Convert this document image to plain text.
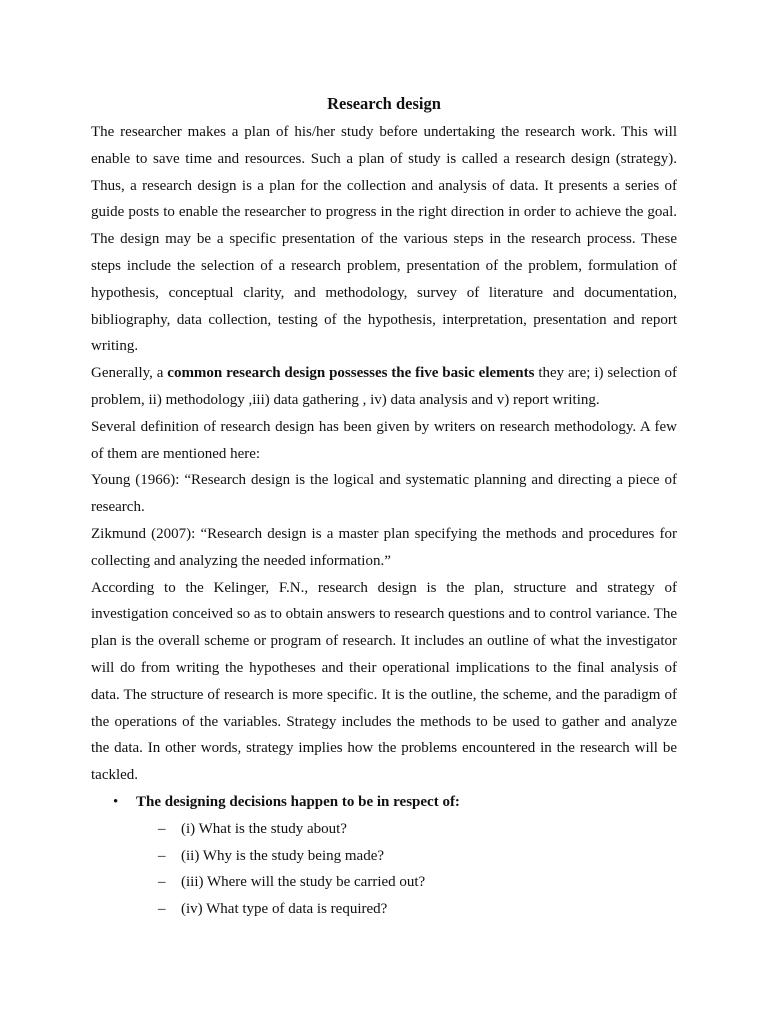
Research design

The researcher makes a plan of his/her study before undertaking the research work. This will enable to save time and resources. Such a plan of study is called a research design (strategy). Thus, a research design is a plan for the collection and analysis of data. It presents a series of guide posts to enable the researcher to progress in the right direction in order to achieve the goal. The design may be a specific presentation of the various steps in the research process. These steps include the selection of a research problem, presentation of the problem, formulation of hypothesis, conceptual clarity, and methodology, survey of literature and documentation, bibliography, data collection, testing of the hypothesis, interpretation, presentation and report writing.

Generally, a common research design possesses the five basic elements they are; i) selection of problem, ii) methodology ,iii) data gathering , iv) data analysis and v) report writing.

Several definition of research design has been given by writers on research methodology. A few of them are mentioned here:

Young (1966): “Research design is the logical and systematic planning and directing a piece of research.

Zikmund (2007): “Research design is a master plan specifying the methods and procedures for collecting and analyzing the needed information.”

According to the Kelinger, F.N., research design is the plan, structure and strategy of investigation conceived so as to obtain answers to research questions and to control variance. The plan is the overall scheme or program of research. It includes an outline of what the investigator will do from writing the hypotheses and their operational implications to the final analysis of data. The structure of research is more specific. It is the outline, the scheme, and the paradigm of the operations of the variables. Strategy includes the methods to be used to gather and analyze the data. In other words, strategy implies how the problems encountered in the research will be tackled.

• The designing decisions happen to be in respect of:
– (i) What is the study about?
– (ii) Why is the study being made?
– (iii) Where will the study be carried out?
– (iv) What type of data is required?
